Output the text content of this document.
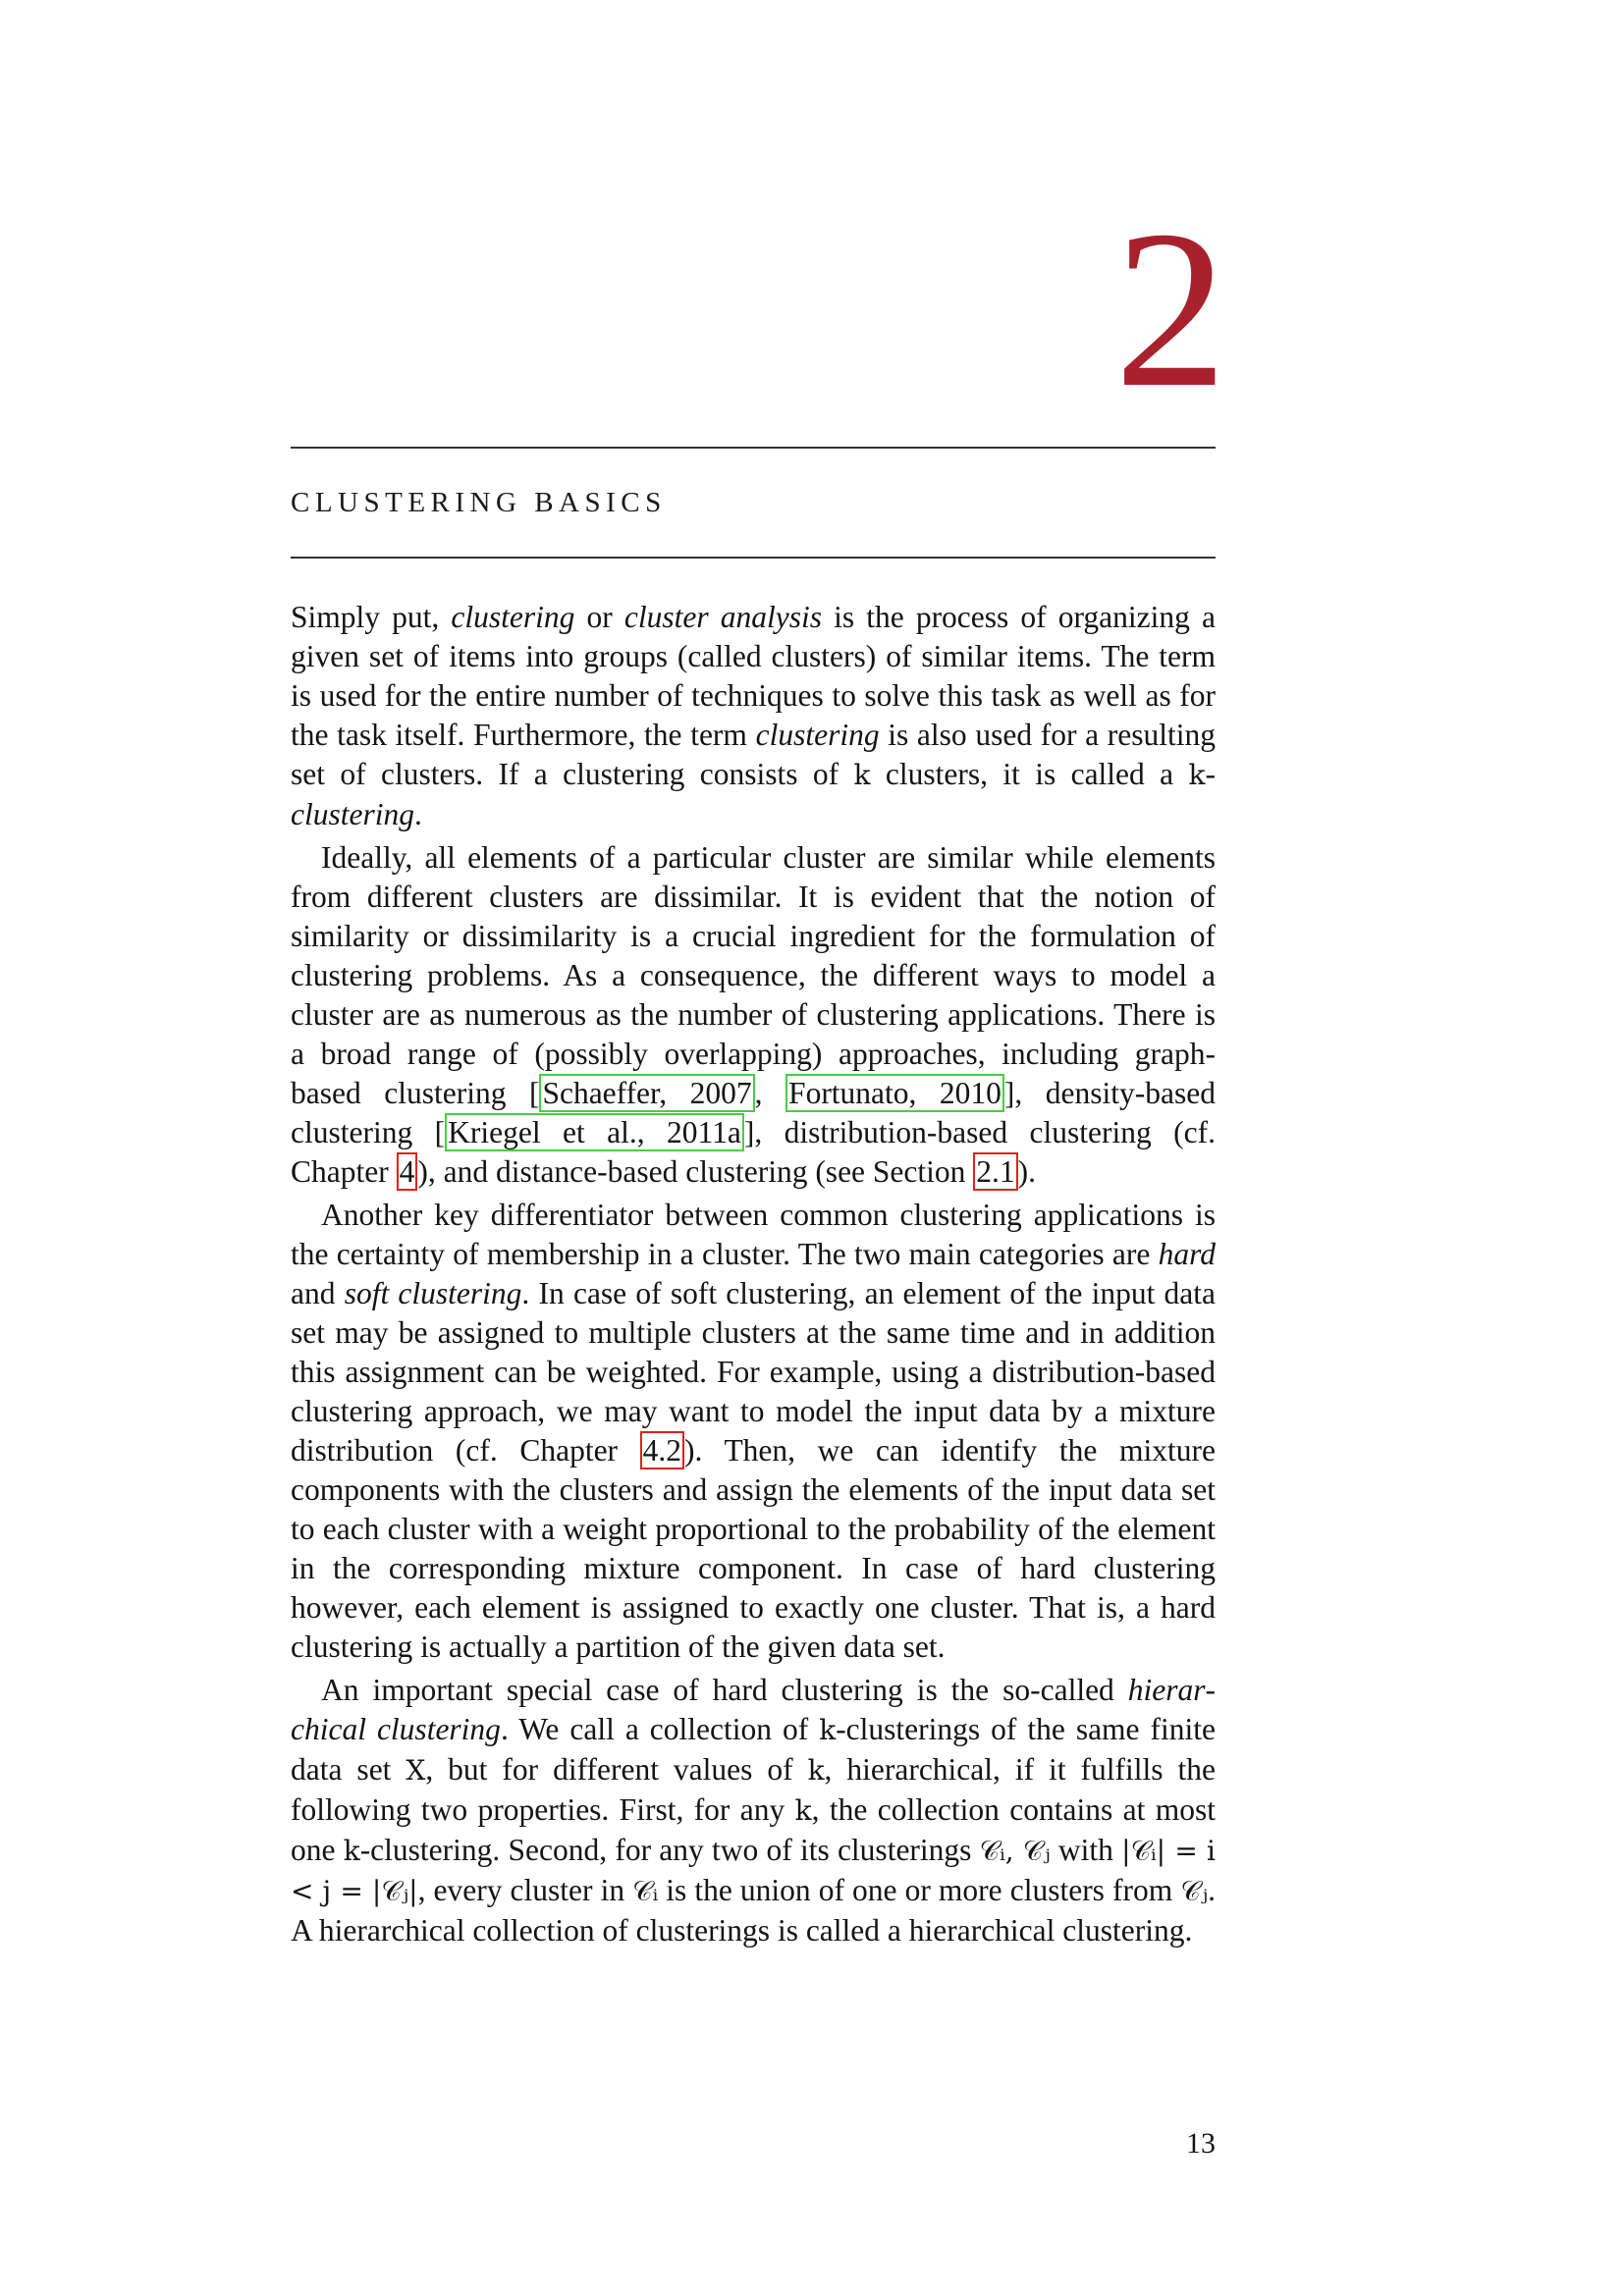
2
CLUSTERING BASICS

Simply put, clustering or cluster analysis is the process of organizing a given set of items into groups (called clusters) of similar items. The term is used for the entire number of techniques to solve this task as well as for the task itself. Furthermore, the term clustering is also used for a resulting set of clusters. If a clustering consists of k clusters, it is called a k-clustering.

Ideally, all elements of a particular cluster are similar while elements from different clusters are dissimilar. It is evident that the notion of similarity or dissimilarity is a crucial ingredient for the formulation of clustering problems. As a consequence, the different ways to model a cluster are as numerous as the number of clustering applications. There is a broad range of (possibly overlapping) approaches, including graph-based clustering [Schaeffer, 2007, Fortunato, 2010], density-based clustering [Kriegel et al., 2011a], distribution-based clustering (cf. Chapter 4), and distance-based clustering (see Section 2.1).

Another key differentiator between common clustering applications is the certainty of membership in a cluster. The two main categories are hard and soft clustering. In case of soft clustering, an element of the input data set may be assigned to multiple clusters at the same time and in addition this assignment can be weighted. For example, using a distribution-based clustering approach, we may want to model the input data by a mixture distribution (cf. Chapter 4.2). Then, we can identify the mixture components with the clusters and assign the elements of the input data set to each cluster with a weight proportional to the probability of the element in the corresponding mixture component. In case of hard clustering however, each element is assigned to exactly one cluster. That is, a hard clustering is actually a partition of the given data set.

An important special case of hard clustering is the so-called hierarchical clustering. We call a collection of k-clusterings of the same finite data set X, but for different values of k, hierarchical, if it fulfills the following two properties. First, for any k, the collection contains at most one k-clustering. Second, for any two of its clusterings 𝒞ᵢ, 𝒞ⱼ with |𝒞ᵢ| = i < j = |𝒞ⱼ|, every cluster in 𝒞ᵢ is the union of one or more clusters from 𝒞ⱼ. A hierarchical collection of clusterings is called a hierarchical clustering.

13
